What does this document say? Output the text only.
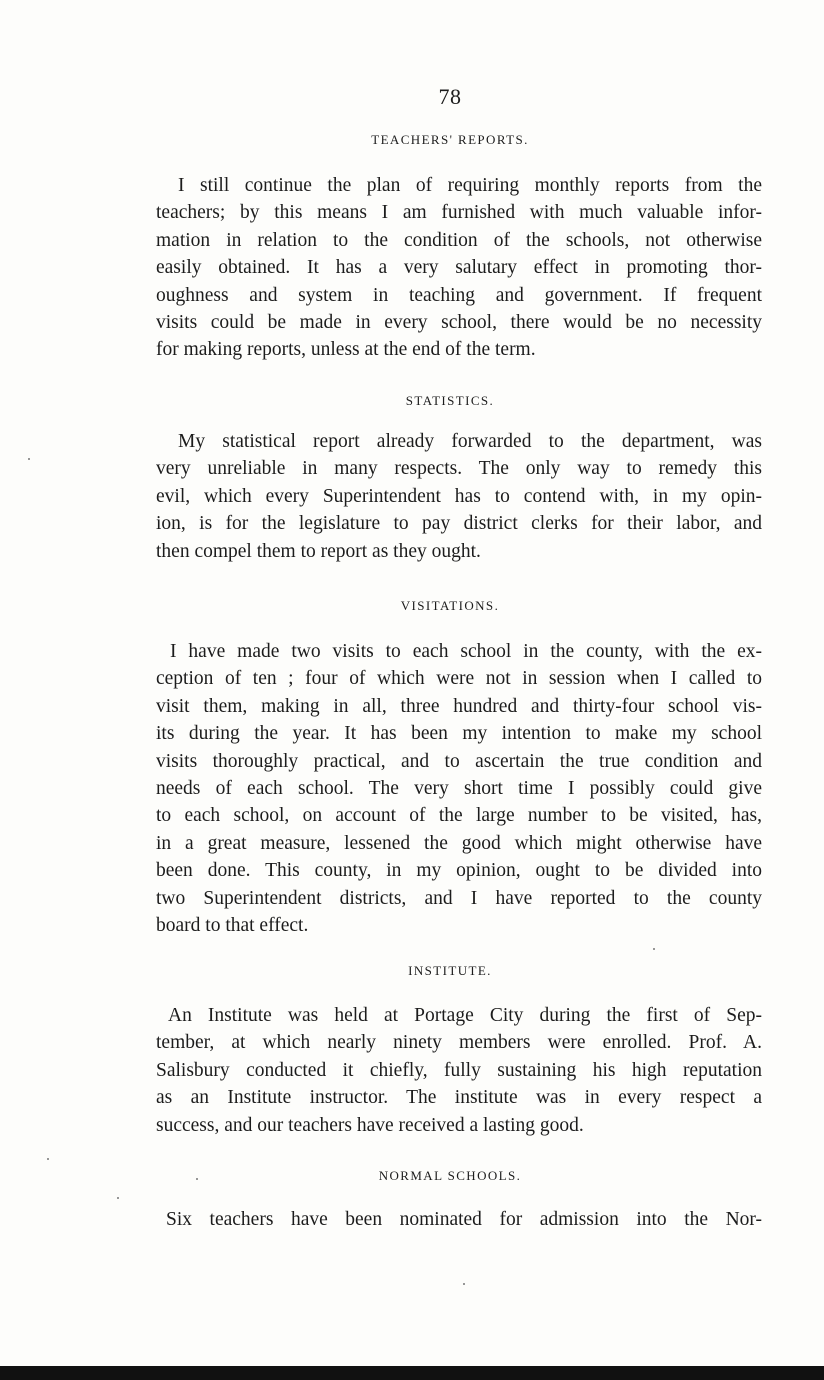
78
TEACHERS' REPORTS.
I still continue the plan of requiring monthly reports from the
teachers; by this means I am furnished with much valuable infor-
mation in relation to the condition of the schools, not otherwise
easily obtained. It has a very salutary effect in promoting thor-
oughness and system in teaching and government. If frequent
visits could be made in every school, there would be no necessity
for making reports, unless at the end of the term.
STATISTICS.
My statistical report already forwarded to the department, was
very unreliable in many respects. The only way to remedy this
evil, which every Superintendent has to contend with, in my opin-
ion, is for the legislature to pay district clerks for their labor, and
then compel them to report as they ought.
VISITATIONS.
I have made two visits to each school in the county, with the ex-
ception of ten ; four of which were not in session when I called to
visit them, making in all, three hundred and thirty-four school vis-
its during the year. It has been my intention to make my school
visits thoroughly practical, and to ascertain the true condition and
needs of each school. The very short time I possibly could give
to each school, on account of the large number to be visited, has,
in a great measure, lessened the good which might otherwise have
been done. This county, in my opinion, ought to be divided into
two Superintendent districts, and I have reported to the county
board to that effect.
INSTITUTE.
An Institute was held at Portage City during the first of Sep-
tember, at which nearly ninety members were enrolled. Prof. A.
Salisbury conducted it chiefly, fully sustaining his high reputation
as an Institute instructor. The institute was in every respect a
success, and our teachers have received a lasting good.
NORMAL SCHOOLS.
Six teachers have been nominated for admission into the Nor-
